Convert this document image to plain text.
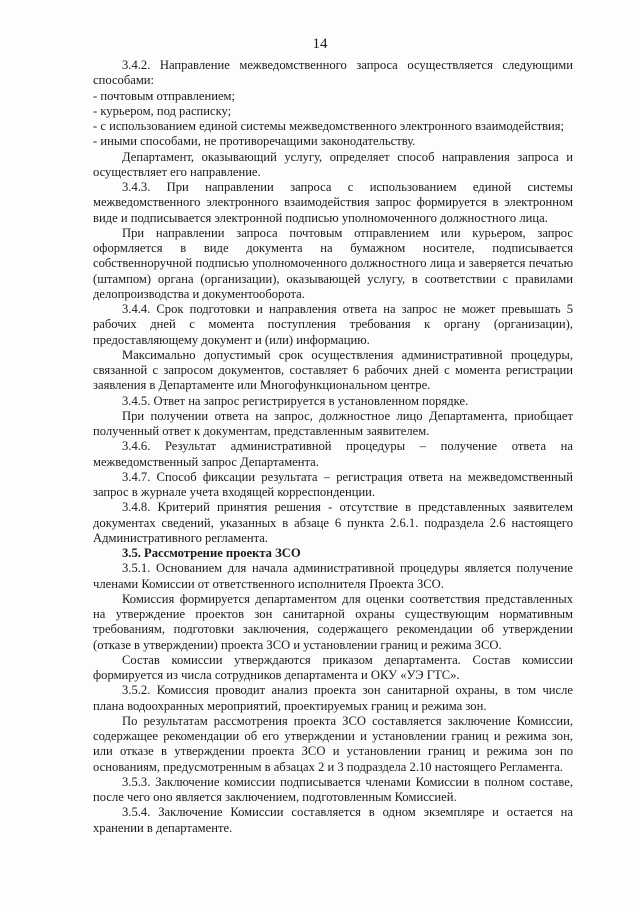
14

3.4.2. Направление межведомственного запроса осуществляется следующими способами:

- почтовым отправлением;

- курьером, под расписку;

- с использованием единой системы межведомственного электронного взаимодействия;

- иными способами, не противоречащими законодательству.

Департамент, оказывающий услугу, определяет способ направления запроса и осуществляет его направление.

3.4.3. При направлении запроса с использованием единой системы межведомственного электронного взаимодействия запрос формируется в электронном виде и подписывается электронной подписью уполномоченного должностного лица.

При направлении запроса почтовым отправлением или курьером, запрос оформляется в виде документа на бумажном носителе, подписывается собственноручной подписью уполномоченного должностного лица и заверяется печатью (штампом) органа (организации), оказывающей услугу, в соответствии с правилами делопроизводства и документооборота.

3.4.4. Срок подготовки и направления ответа на запрос не может превышать 5 рабочих дней с момента поступления требования к органу (организации), предоставляющему документ и (или) информацию.

Максимально допустимый срок осуществления административной процедуры, связанной с запросом документов, составляет 6 рабочих дней с момента регистрации заявления в Департаменте или Многофункциональном центре.

3.4.5. Ответ на запрос регистрируется в установленном порядке.

При получении ответа на запрос, должностное лицо Департамента, приобщает полученный ответ к документам, представленным заявителем.

3.4.6. Результат административной процедуры – получение ответа на межведомственный запрос Департамента.

3.4.7. Способ фиксации результата – регистрация ответа на межведомственный запрос в журнале учета входящей корреспонденции.

3.4.8. Критерий принятия решения - отсутствие в представленных заявителем документах сведений, указанных в абзаце 6 пункта 2.6.1. подраздела 2.6 настоящего Административного регламента.

3.5. Рассмотрение проекта ЗСО

3.5.1. Основанием для начала административной процедуры является получение членами Комиссии от ответственного исполнителя Проекта ЗСО.

Комиссия формируется департаментом для оценки соответствия представленных на утверждение проектов зон санитарной охраны существующим нормативным требованиям, подготовки заключения, содержащего рекомендации об утверждении (отказе в утверждении) проекта ЗСО и установлении границ и режима ЗСО.

Состав комиссии утверждаются приказом департамента. Состав комиссии формируется из числа сотрудников департамента и ОКУ «УЭ ГТС».

3.5.2. Комиссия проводит анализ проекта зон санитарной охраны, в том числе плана водоохранных мероприятий, проектируемых границ и режима зон.

По результатам рассмотрения проекта ЗСО составляется заключение Комиссии, содержащее рекомендации об его утверждении и установлении границ и режима зон, или отказе в утверждении проекта ЗСО и установлении границ и режима зон по основаниям, предусмотренным в абзацах 2 и 3 подраздела 2.10 настоящего Регламента.

3.5.3. Заключение комиссии подписывается членами Комиссии в полном составе, после чего оно является заключением, подготовленным Комиссией.

3.5.4. Заключение Комиссии составляется в одном экземпляре и остается на хранении в департаменте.
